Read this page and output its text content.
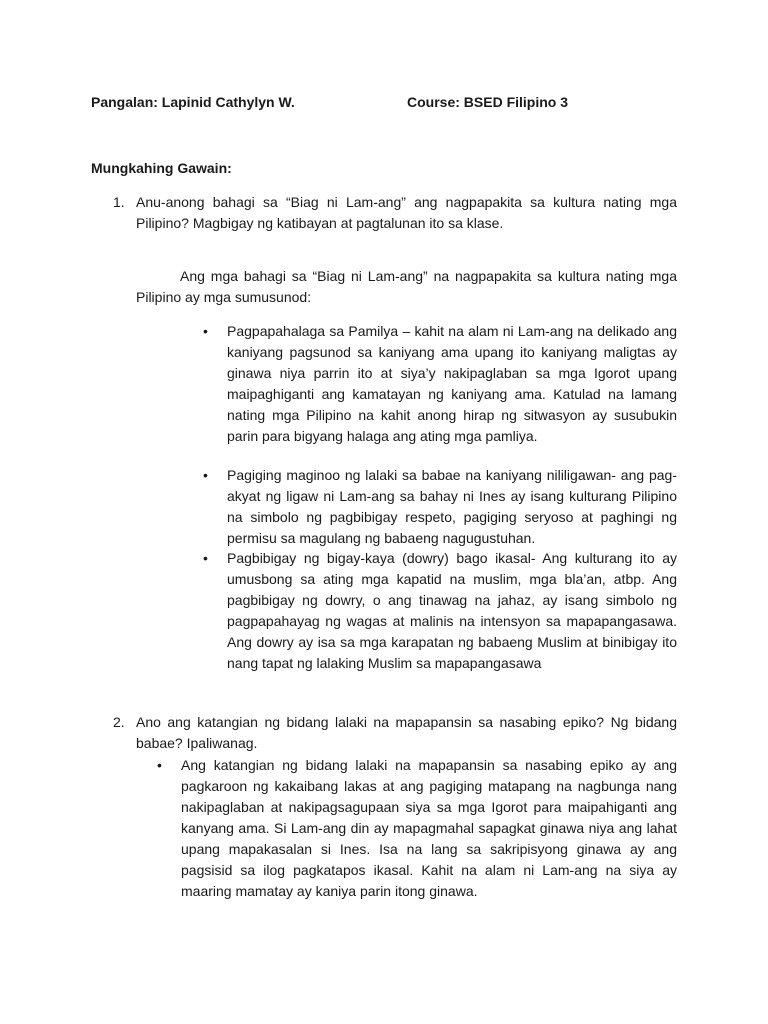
Pangalan: Lapinid Cathylyn W.	Course: BSED Filipino 3
Mungkahing Gawain:
1. Anu-anong bahagi sa “Biag ni Lam-ang” ang nagpapakita sa kultura nating mga Pilipino? Magbigay ng katibayan at pagtalunan ito sa klase.
Ang mga bahagi sa “Biag ni Lam-ang” na nagpapakita sa kultura nating mga Pilipino ay mga sumusunod:
• Pagpapahalaga sa Pamilya – kahit na alam ni Lam-ang na delikado ang kaniyang pagsunod sa kaniyang ama upang ito kaniyang maligtas ay ginawa niya parrin ito at siya’y nakipaglaban sa mga Igorot upang maipaghiganti ang kamatayan ng kaniyang ama. Katulad na lamang nating mga Pilipino na kahit anong hirap ng sitwasyon ay susubukin parin para bigyang halaga ang ating mga pamliya.
• Pagiging maginoo ng lalaki sa babae na kaniyang nililigawan- ang pag-akyat ng ligaw ni Lam-ang sa bahay ni Ines ay isang kulturang Pilipino na simbolo ng pagbibigay respeto, pagiging seryoso at paghingi ng permisu sa magulang ng babaeng nagugustuhan.
• Pagbibigay ng bigay-kaya (dowry) bago ikasal- Ang kulturang ito ay umusbong sa ating mga kapatid na muslim, mga bla’an, atbp. Ang pagbibigay ng dowry, o ang tinawag na jahaz, ay isang simbolo ng pagpapahayag ng wagas at malinis na intensyon sa mapapangasawa. Ang dowry ay isa sa mga karapatan ng babaeng Muslim at binibigay ito nang tapat ng lalaking Muslim sa mapapangasawa
2. Ano ang katangian ng bidang lalaki na mapapansin sa nasabing epiko? Ng bidang babae? Ipaliwanag.
• Ang katangian ng bidang lalaki na mapapansin sa nasabing epiko ay ang pagkaroon ng kakaibang lakas at ang pagiging matapang na nagbunga nang nakipaglaban at nakipagsagupaan siya sa mga Igorot para maipahiganti ang kanyang ama. Si Lam-ang din ay mapagmahal sapagkat ginawa niya ang lahat upang mapakasalan si Ines. Isa na lang sa sakripisyong ginawa ay ang pagsisid sa ilog pagkatapos ikasal. Kahit na alam ni Lam-ang na siya ay maaring mamatay ay kaniya parin itong ginawa.
